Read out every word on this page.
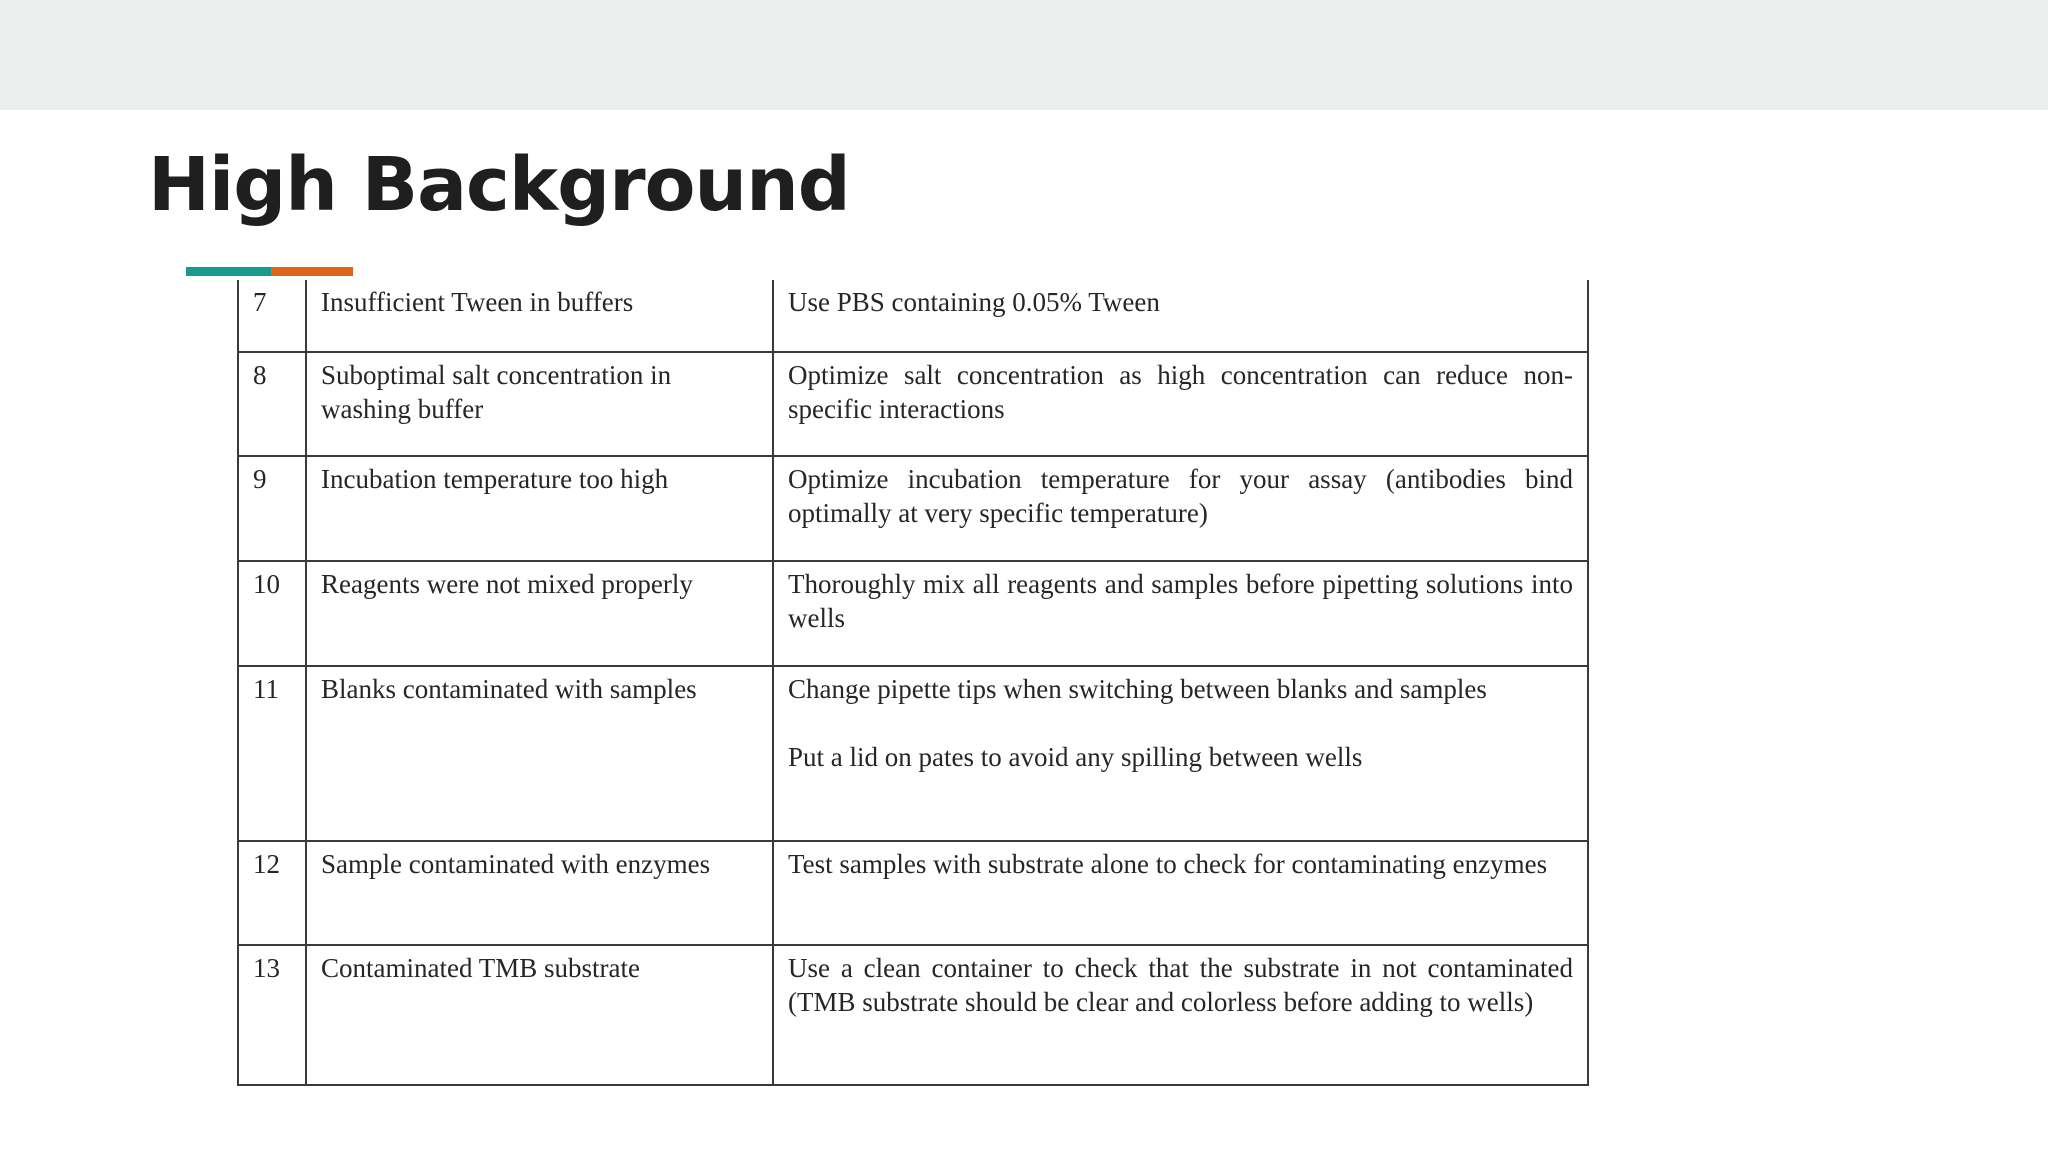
High Background
7	Insufficient Tween in buffers	Use PBS containing 0.05% Tween

8	Suboptimal salt concentration in washing buffer	Optimize salt concentration as high concentration can reduce non-specific interactions

9	Incubation temperature too high	Optimize incubation temperature for your assay (antibodies bind optimally at very specific temperature)

10	Reagents were not mixed properly	Thoroughly mix all reagents and samples before pipetting solutions into wells

11	Blanks contaminated with samples	Change pipette tips when switching between blanks and samples
Put a lid on pates to avoid any spilling between wells

12	Sample contaminated with enzymes	Test samples with substrate alone to check for contaminating enzymes

13	Contaminated TMB substrate	Use a clean container to check that the substrate in not contaminated (TMB substrate should be clear and colorless before adding to wells)
